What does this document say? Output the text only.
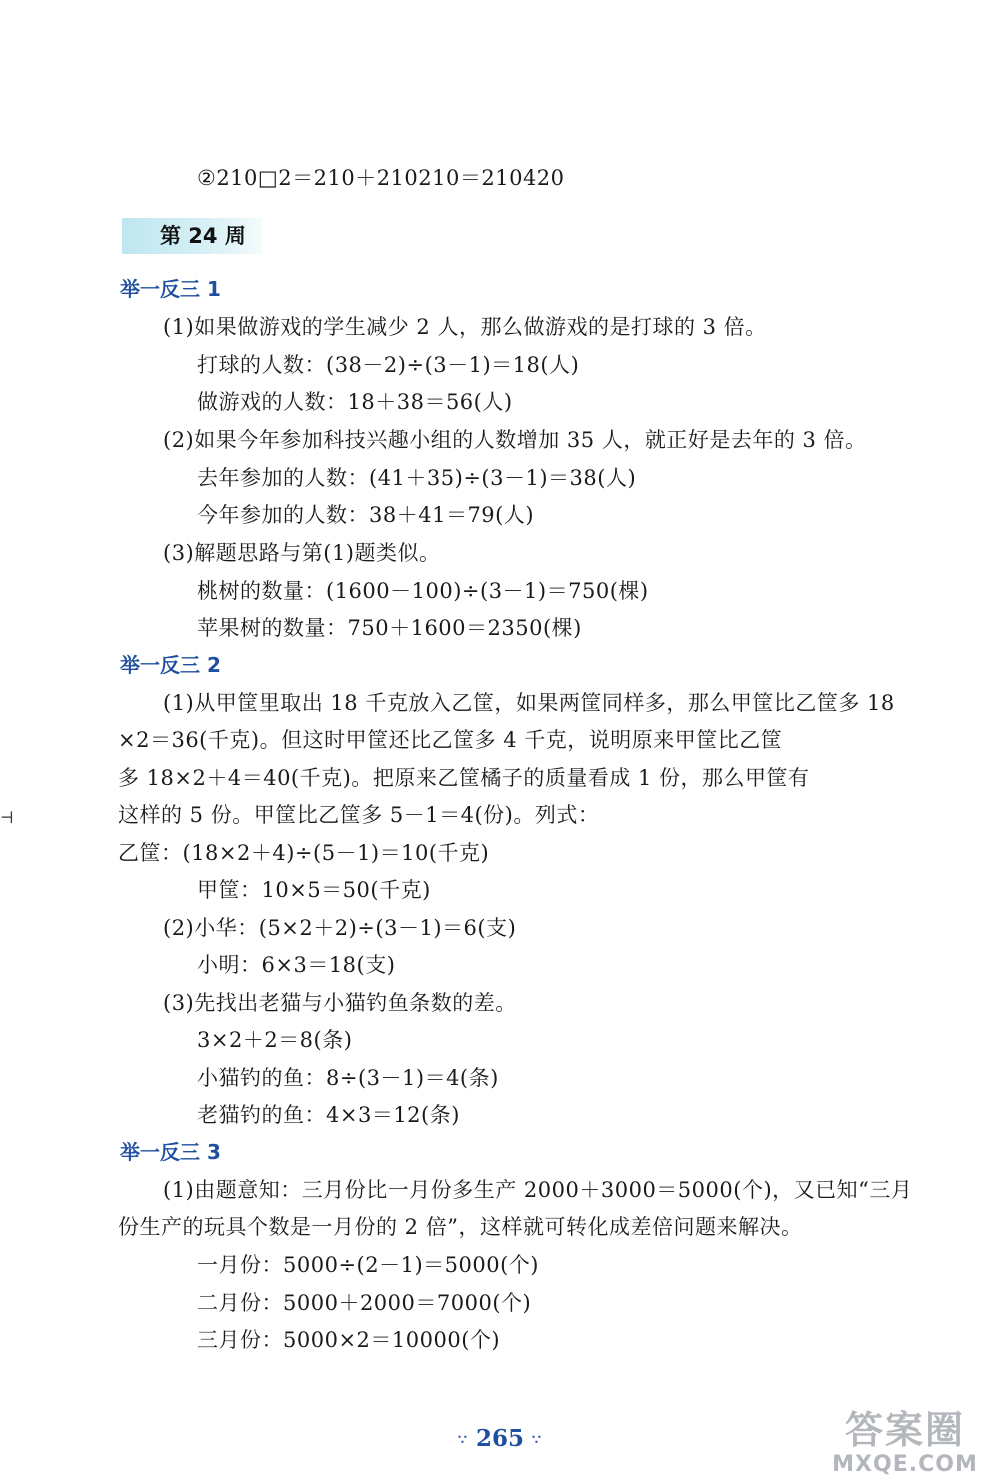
②210□2＝210＋210210＝210420
第 24 周
举一反三 1
(1)如果做游戏的学生减少 2 人，那么做游戏的是打球的 3 倍。
打球的人数：(38－2)÷(3－1)＝18(人)
做游戏的人数：18＋38＝56(人)
(2)如果今年参加科技兴趣小组的人数增加 35 人，就正好是去年的 3 倍。
去年参加的人数：(41＋35)÷(3－1)＝38(人)
今年参加的人数：38＋41＝79(人)
(3)解题思路与第(1)题类似。
桃树的数量：(1600－100)÷(3－1)＝750(棵)
苹果树的数量：750＋1600＝2350(棵)
举一反三 2
(1)从甲筐里取出 18 千克放入乙筐，如果两筐同样多，那么甲筐比乙筐多 18
×2＝36(千克)。但这时甲筐还比乙筐多 4 千克，说明原来甲筐比乙筐
多 18×2＋4＝40(千克)。把原来乙筐橘子的质量看成 1 份，那么甲筐有
这样的 5 份。甲筐比乙筐多 5－1＝4(份)。列式：
乙筐：(18×2＋4)÷(5－1)＝10(千克)
甲筐：10×5＝50(千克)
(2)小华：(5×2＋2)÷(3－1)＝6(支)
小明：6×3＝18(支)
(3)先找出老猫与小猫钓鱼条数的差。
3×2＋2＝8(条)
小猫钓的鱼：8÷(3－1)＝4(条)
老猫钓的鱼：4×3＝12(条)
举一反三 3
(1)由题意知：三月份比一月份多生产 2000＋3000＝5000(个)，又已知“三月
份生产的玩具个数是一月份的 2 倍”，这样就可转化成差倍问题来解决。
一月份：5000÷(2－1)＝5000(个)
二月份：5000＋2000＝7000(个)
三月份：5000×2＝10000(个)
⊣
∵ 265 ∵	答案圈
MXQE.COM
